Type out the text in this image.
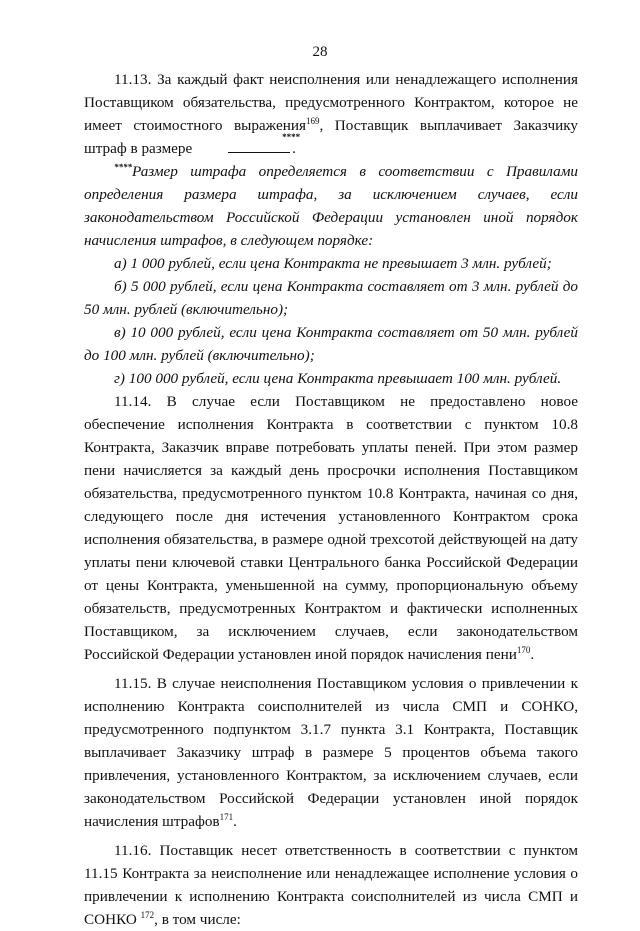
28

11.13. За каждый факт неисполнения или ненадлежащего исполнения Поставщиком обязательства, предусмотренного Контрактом, которое не имеет стоимостного выражения$^{169}$, Поставщик выплачивает Заказчику штраф в размере
****
.

****Размер штрафа определяется в соответствии с Правилами определения размера штрафа, за исключением случаев, если законодательством Российской Федерации установлен иной порядок начисления штрафов, в следующем порядке:

а) 1 000 рублей, если цена Контракта не превышает 3 млн. рублей;

б) 5 000 рублей, если цена Контракта составляет от 3 млн. рублей до 50 млн. рублей (включительно);

в) 10 000 рублей, если цена Контракта составляет от 50 млн. рублей до 100 млн. рублей (включительно);

г) 100 000 рублей, если цена Контракта превышает 100 млн. рублей.

11.14. В случае если Поставщиком не предоставлено новое обеспечение исполнения Контракта в соответствии с пунктом 10.8 Контракта, Заказчик вправе потребовать уплаты пеней. При этом размер пени начисляется за каждый день просрочки исполнения Поставщиком обязательства, предусмотренного пунктом 10.8 Контракта, начиная со дня, следующего после дня истечения установленного Контрактом срока исполнения обязательства, в размере одной трехсотой действующей на дату уплаты пени ключевой ставки Центрального банка Российской Федерации от цены Контракта, уменьшенной на сумму, пропорциональную объему обязательств, предусмотренных Контрактом и фактически исполненных Поставщиком, за исключением случаев, если законодательством Российской Федерации установлен иной порядок начисления пени$^{170}$.

11.15. В случае неисполнения Поставщиком условия о привлечении к исполнению Контракта соисполнителей из числа СМП и СОНКО, предусмотренного подпунктом 3.1.7 пункта 3.1 Контракта, Поставщик выплачивает Заказчику штраф в размере 5 процентов объема такого привлечения, установленного Контрактом, за исключением случаев, если законодательством Российской Федерации установлен иной порядок начисления штрафов$^{171}$.

11.16. Поставщик несет ответственность в соответствии с пунктом 11.15 Контракта за неисполнение или ненадлежащее исполнение условия о привлечении к исполнению Контракта соисполнителей из числа СМП и СОНКО $^{172}$, в том числе:
